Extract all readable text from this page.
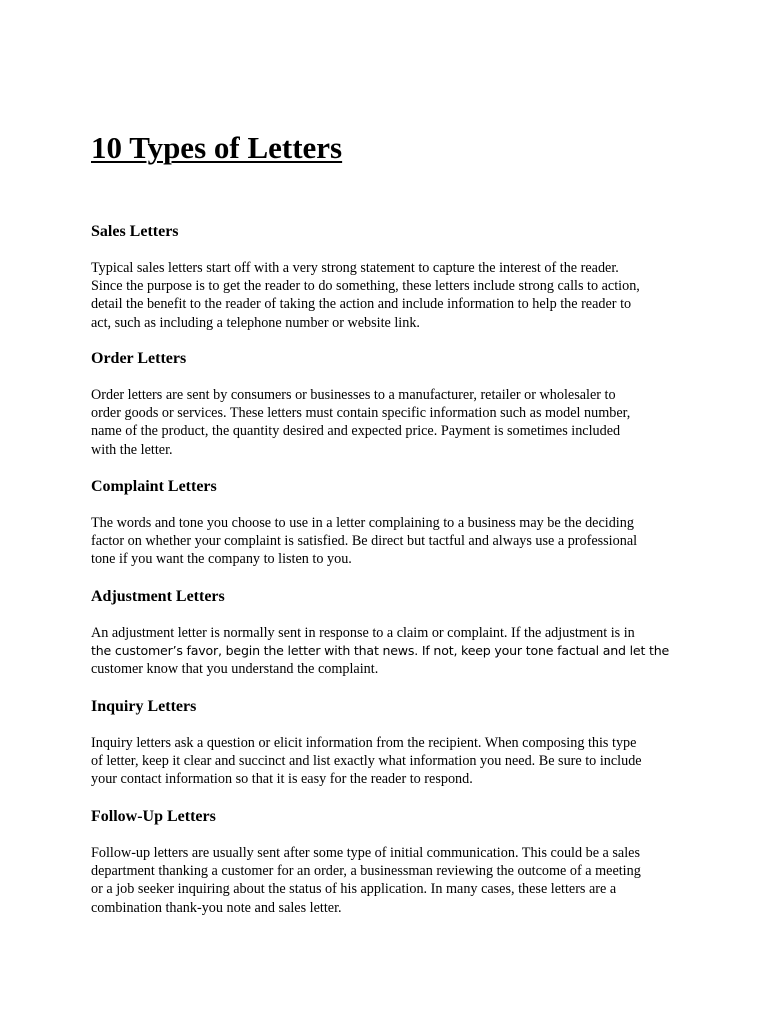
10 Types of Letters
Sales Letters
Typical sales letters start off with a very strong statement to capture the interest of the reader.
Since the purpose is to get the reader to do something, these letters include strong calls to action,
detail the benefit to the reader of taking the action and include information to help the reader to
act, such as including a telephone number or website link.
Order Letters
Order letters are sent by consumers or businesses to a manufacturer, retailer or wholesaler to
order goods or services. These letters must contain specific information such as model number,
name of the product, the quantity desired and expected price. Payment is sometimes included
with the letter.
Complaint Letters
The words and tone you choose to use in a letter complaining to a business may be the deciding
factor on whether your complaint is satisfied. Be direct but tactful and always use a professional
tone if you want the company to listen to you.
Adjustment Letters
An adjustment letter is normally sent in response to a claim or complaint. If the adjustment is in
the customer’s favor, begin the letter with that news. If not, keep your tone factual and let the
customer know that you understand the complaint.
Inquiry Letters
Inquiry letters ask a question or elicit information from the recipient. When composing this type
of letter, keep it clear and succinct and list exactly what information you need. Be sure to include
your contact information so that it is easy for the reader to respond.
Follow-Up Letters
Follow-up letters are usually sent after some type of initial communication. This could be a sales
department thanking a customer for an order, a businessman reviewing the outcome of a meeting
or a job seeker inquiring about the status of his application. In many cases, these letters are a
combination thank-you note and sales letter.
